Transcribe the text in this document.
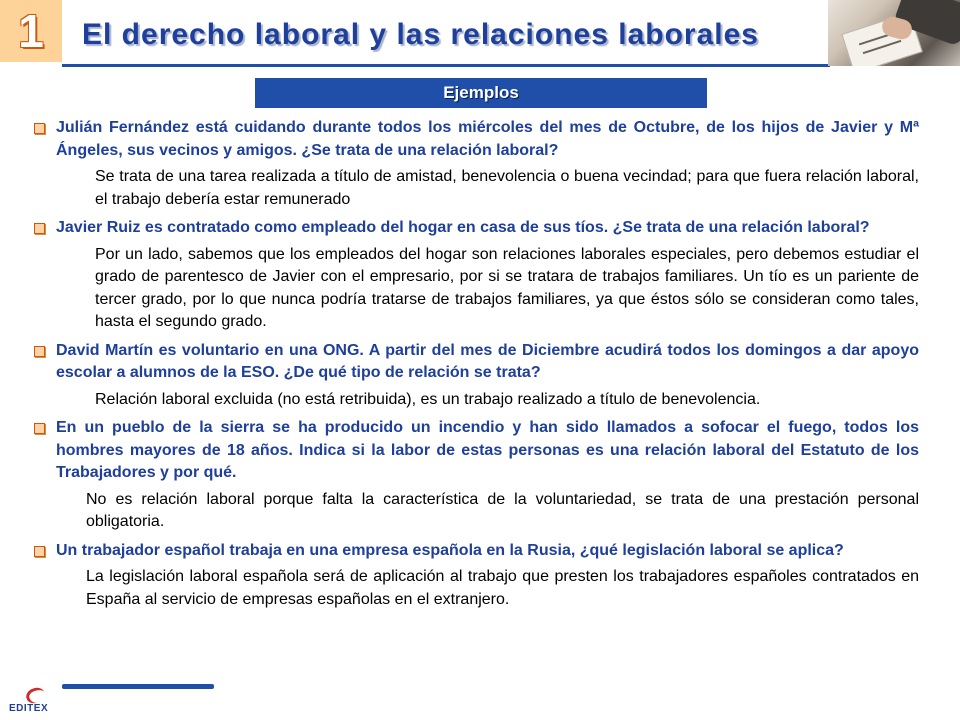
1 El derecho laboral y las relaciones laborales
Ejemplos

Julián Fernández está cuidando durante todos los miércoles del mes de Octubre, de los hijos de Javier y Mª Ángeles, sus vecinos y amigos. ¿Se trata de una relación laboral?

Se trata de una tarea realizada a título de amistad, benevolencia o buena vecindad; para que fuera relación laboral, el trabajo debería estar remunerado

Javier Ruiz es contratado como empleado del hogar en casa de sus tíos. ¿Se trata de una relación laboral?

Por un lado, sabemos que los empleados del hogar son relaciones laborales especiales, pero debemos estudiar el grado de parentesco de Javier con el empresario, por si se tratara de trabajos familiares. Un tío es un pariente de tercer grado, por lo que nunca podría tratarse de trabajos familiares, ya que éstos sólo se consideran como tales, hasta el segundo grado.

David Martín es voluntario en una ONG. A partir del mes de Diciembre acudirá todos los domingos a dar apoyo escolar a alumnos de la ESO. ¿De qué tipo de relación se trata?

Relación laboral excluida (no está retribuida), es un trabajo realizado a título de benevolencia.

En un pueblo de la sierra se ha producido un incendio y han sido llamados a sofocar el fuego, todos los hombres mayores de 18 años. Indica si la labor de estas personas es una relación laboral del Estatuto de los Trabajadores y por qué.

No es relación laboral porque falta la característica de la voluntariedad, se trata de una prestación personal obligatoria.

Un trabajador español trabaja en una empresa española en la Rusia, ¿qué legislación laboral se aplica?

La legislación laboral española será de aplicación al trabajo que presten los trabajadores españoles contratados en España al servicio de empresas españolas en el extranjero.

EDITEX
